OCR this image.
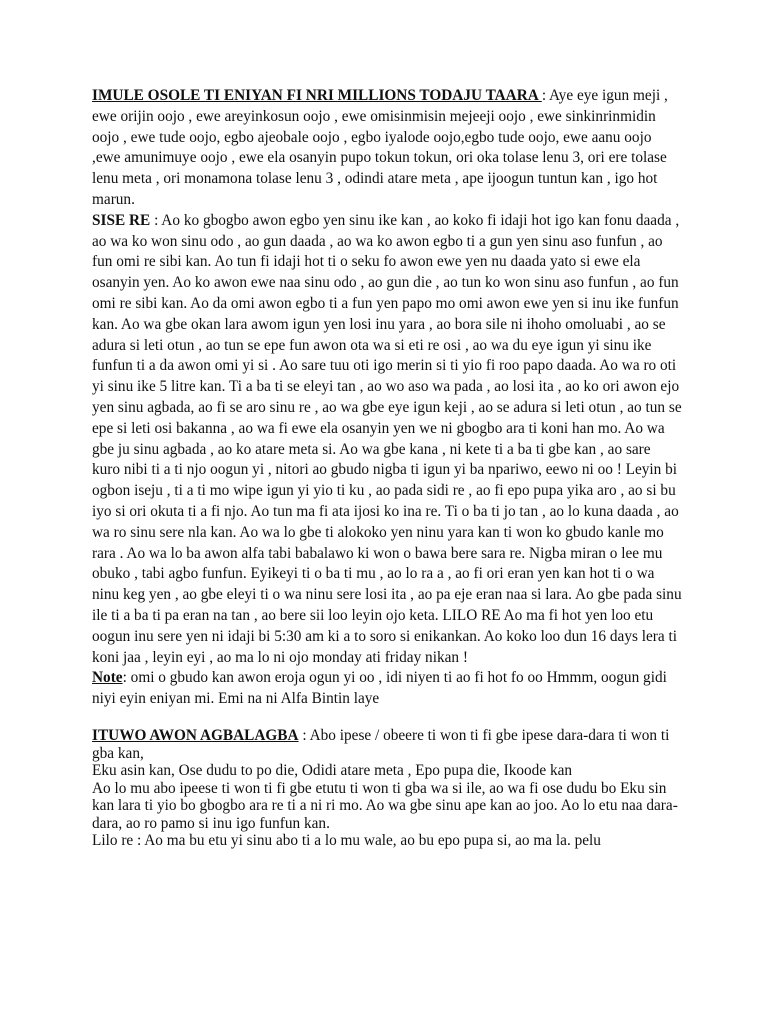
IMULE OSOLE TI ENIYAN FI NRI MILLIONS TODAJU TAARA : Aye eye igun meji , ewe orijin oojo , ewe areyinkosun oojo , ewe omisinmisin mejeeji oojo , ewe sinkinrinmidin oojo , ewe tude oojo, egbo ajeobale oojo , egbo iyalode oojo,egbo tude oojo, ewe aanu oojo ,ewe amunimuye oojo , ewe ela osanyin pupo tokun tokun, ori oka tolase lenu 3, ori ere tolase lenu meta , ori monamona tolase lenu 3 , odindi atare meta , ape ijoogun tuntun kan , igo hot marun.
SISE RE : Ao ko gbogbo awon egbo yen sinu ike kan , ao koko fi idaji hot igo kan fonu daada , ao wa ko won sinu odo , ao gun daada , ao wa ko awon egbo ti a gun yen sinu aso funfun , ao fun omi re sibi kan. Ao tun fi idaji hot ti o seku fo awon ewe yen nu daada yato si ewe ela osanyin yen. Ao ko awon ewe naa sinu odo , ao gun die , ao tun ko won sinu aso funfun , ao fun omi re sibi kan. Ao da omi awon egbo ti a fun yen papo mo omi awon ewe yen si inu ike funfun kan. Ao wa gbe okan lara awom igun yen losi inu yara , ao bora sile ni ihoho omoluabi , ao se adura si leti otun , ao tun se epe fun awon ota wa si eti re osi , ao wa du eye igun yi sinu ike funfun ti a da awon omi yi si . Ao sare tuu oti igo merin si ti yio fi roo papo daada. Ao wa ro oti yi sinu ike 5 litre kan. Ti a ba ti se eleyi tan , ao wo aso wa pada , ao losi ita , ao ko ori awon ejo yen sinu agbada, ao fi se aro sinu re , ao wa gbe eye igun keji , ao se adura si leti otun , ao tun se epe si leti osi bakanna , ao wa fi ewe ela osanyin yen we ni gbogbo ara ti koni han mo. Ao wa gbe ju sinu agbada , ao ko atare meta si. Ao wa gbe kana , ni kete ti a ba ti gbe kan , ao sare kuro nibi ti a ti njo oogun yi , nitori ao gbudo nigba ti igun yi ba npariwo, eewo ni oo ! Leyin bi ogbon iseju , ti a ti mo wipe igun yi yio ti ku , ao pada sidi re , ao fi epo pupa yika aro , ao si bu iyo si ori okuta ti a fi njo. Ao tun ma fi ata ijosi ko ina re. Ti o ba ti jo tan , ao lo kuna daada , ao wa ro sinu sere nla kan. Ao wa lo gbe ti alokoko yen ninu yara kan ti won ko gbudo kanle mo rara . Ao wa lo ba awon alfa tabi babalawo ki won o bawa bere sara re. Nigba miran o lee mu obuko , tabi agbo funfun. Eyikeyi ti o ba ti mu , ao lo ra a , ao fi ori eran yen kan hot ti o wa ninu keg yen , ao gbe eleyi ti o wa ninu sere losi ita , ao pa eje eran naa si lara. Ao gbe pada sinu ile ti a ba ti pa eran na tan , ao bere sii loo leyin ojo keta. LILO RE Ao ma fi hot yen loo etu oogun inu sere yen ni idaji bi 5:30 am ki a to soro si enikankan. Ao koko loo dun 16 days lera ti koni jaa , leyin eyi , ao ma lo ni ojo monday ati friday nikan !
Note: omi o gbudo kan awon eroja ogun yi oo , idi niyen ti ao fi hot fo oo Hmmm, oogun gidi niyi eyin eniyan mi. Emi na ni Alfa Bintin laye

ITUWO AWON AGBALAGBA : Abo ipese / obeere ti won ti fi gbe ipese dara-dara ti won ti gba kan,
Eku asin kan, Ose dudu to po die, Odidi atare meta , Epo pupa die, Ikoode kan
Ao lo mu abo ipeese ti won ti fi gbe etutu ti won ti gba wa si ile, ao wa fi ose dudu bo Eku sin kan lara ti yio bo gbogbo ara re ti a ni ri mo. Ao wa gbe sinu ape kan ao joo. Ao lo etu naa dara-dara, ao ro pamo si inu igo funfun kan.
Lilo re : Ao ma bu etu yi sinu abo ti a lo mu wale, ao bu epo pupa si, ao ma la. pelu
